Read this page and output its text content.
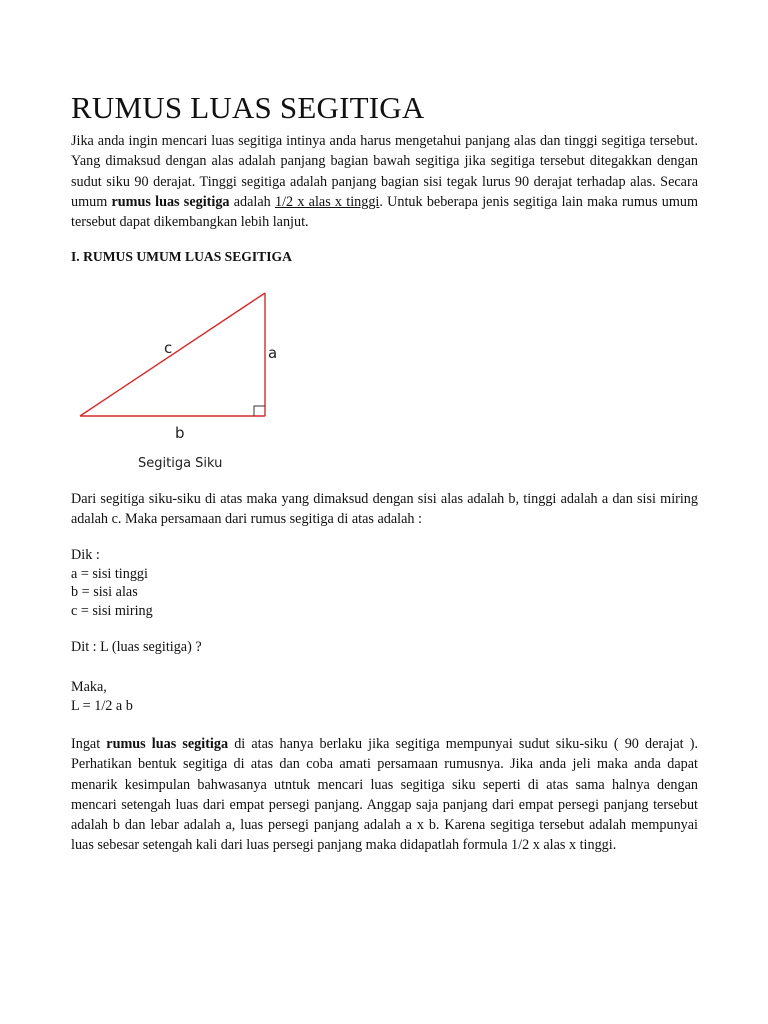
RUMUS LUAS SEGITIGA

Jika anda ingin mencari luas segitiga intinya anda harus mengetahui panjang alas dan tinggi segitiga tersebut. Yang dimaksud dengan alas adalah panjang bagian bawah segitiga jika segitiga tersebut ditegakkan dengan sudut siku 90 derajat. Tinggi segitiga adalah panjang bagian sisi tegak lurus 90 derajat terhadap alas. Secara umum rumus luas segitiga adalah 1/2 x alas x tinggi. Untuk beberapa jenis segitiga lain maka rumus umum tersebut dapat dikembangkan lebih lanjut.

I. RUMUS UMUM LUAS SEGITIGA
c	a
b

Segitiga Siku

Dari segitiga siku-siku di atas maka yang dimaksud dengan sisi alas adalah b, tinggi adalah a dan sisi miring adalah c. Maka persamaan dari rumus segitiga di atas adalah :

Dik :
a = sisi tinggi
b = sisi alas
c = sisi miring
Dit : L (luas segitiga) ?
Maka,
L = 1/2 a b

Ingat rumus luas segitiga di atas hanya berlaku jika segitiga mempunyai sudut siku-siku ( 90 derajat ). Perhatikan bentuk segitiga di atas dan coba amati persamaan rumusnya. Jika anda jeli maka anda dapat menarik kesimpulan bahwasanya utntuk mencari luas segitiga siku seperti di atas sama halnya dengan mencari setengah luas dari empat persegi panjang. Anggap saja panjang dari empat persegi panjang tersebut adalah b dan lebar adalah a, luas persegi panjang adalah a x b. Karena segitiga tersebut adalah mempunyai luas sebesar setengah kali dari luas persegi panjang maka didapatlah formula 1/2 x alas x tinggi.
